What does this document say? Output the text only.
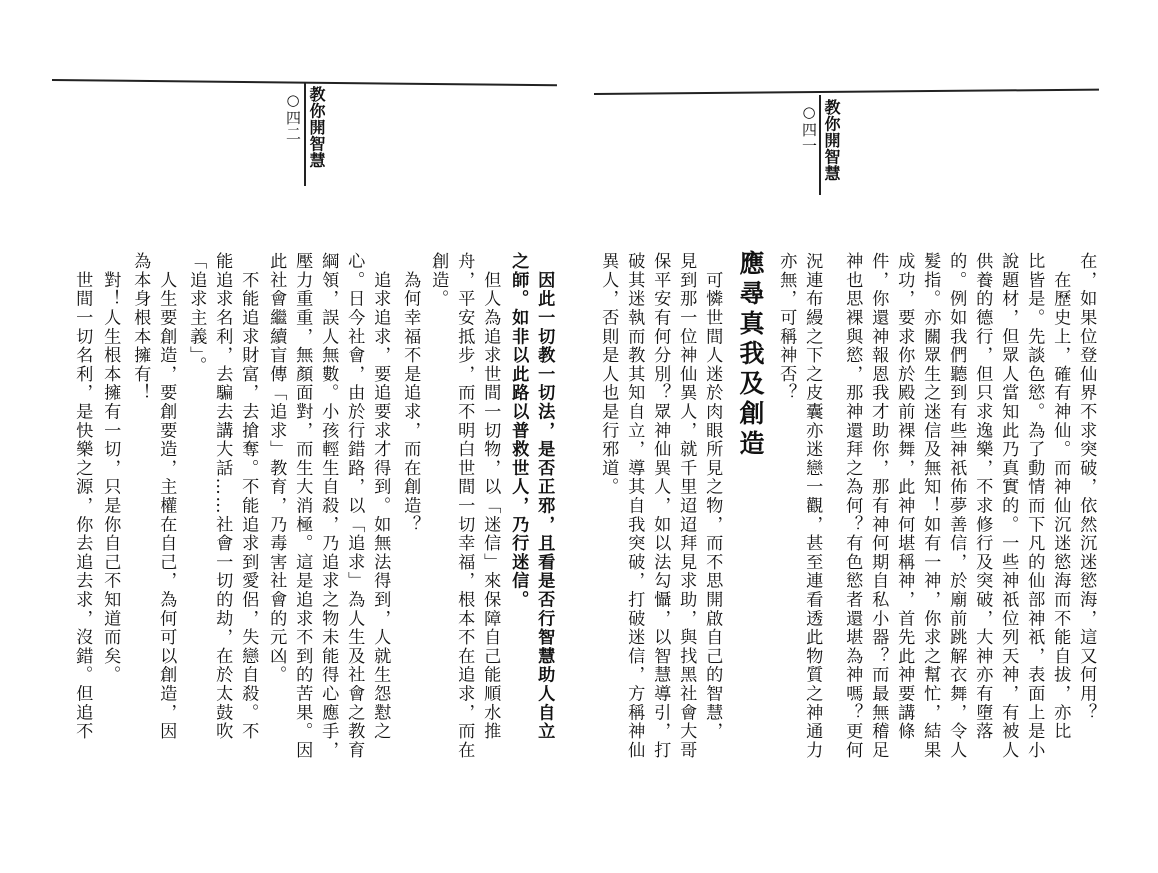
教你開智慧
○四二	教你開智慧
○四一
應尋真我及創造	在，如果位登仙界不求突破，依然沉迷慾海，這又何用？
　在歷史上，確有神仙。而神仙沉迷慾海而不能自拔，亦比
比皆是。先談色慾。為了動情而下凡的仙部神祇，表面上是小
說題材，但眾人當知此乃真實的。一些神祇位列天神，有被人
供養的德行，但只求逸樂，不求修行及突破，大神亦有墮落
的。例如我們聽到有些神祇佈夢善信，於廟前跳解衣舞，令人
髮指。亦關眾生之迷信及無知！如有一神，你求之幫忙，結果
成功，要求你於殿前裸舞，此神何堪稱神，首先此神要講條
件，你還神報恩我才助你，那有神何期自私小器？而最無稽足
神也思裸與慾，那神還拜之為何？有色慾者還堪為神嗎？更何
況連布縵之下之皮囊亦迷戀一觀，甚至連看透此物質之神通力
亦無，可稱神否？
　可憐世間人迷於肉眼所見之物，而不思開啟自己的智慧，
見到那一位神仙異人，就千里迢迢拜見求助，與找黑社會大哥
保平安有何分別？眾神仙異人，如以法勾懾，以智慧導引，打
破其迷執而教其知自立，導其自我突破，打破迷信，方稱神仙
異人，否則是人也是行邪道。
　因此一切教一切法，是否正邪，且看是否行智慧助人自立
之師。如非以此路以普救世人，乃行迷信。
　但人為追求世間一切物，以「迷信」來保障自己能順水推
舟，平安抵步，而不明白世間一切幸福，根本不在追求，而在
創造。
　為何幸福不是追求，而在創造？
　追求追求，要追要求才得到。如無法得到，人就生怨懟之
心。日今社會，由於行錯路，以「追求」為人生及社會之教育
綱領，誤人無數。小孩輕生自殺，乃追求之物未能得心應手，
壓力重重，無顏面對，而生大消極。這是追求不到的苦果。因
此社會繼續盲傳「追求」教育，乃毒害社會的元凶。
　不能追求財富，去搶奪。不能追求到愛侶，失戀自殺。不
能追求名利，去騙去講大話……社會一切的劫，在於太鼓吹
「追求主義」。
　人生要創造，要創要造，主權在自己，為何可以創造，因
為本身根本擁有！
　對！人生根本擁有一切，只是你自己不知道而矣。
　世間一切名利，是快樂之源，你去追去求，沒錯。但追不
